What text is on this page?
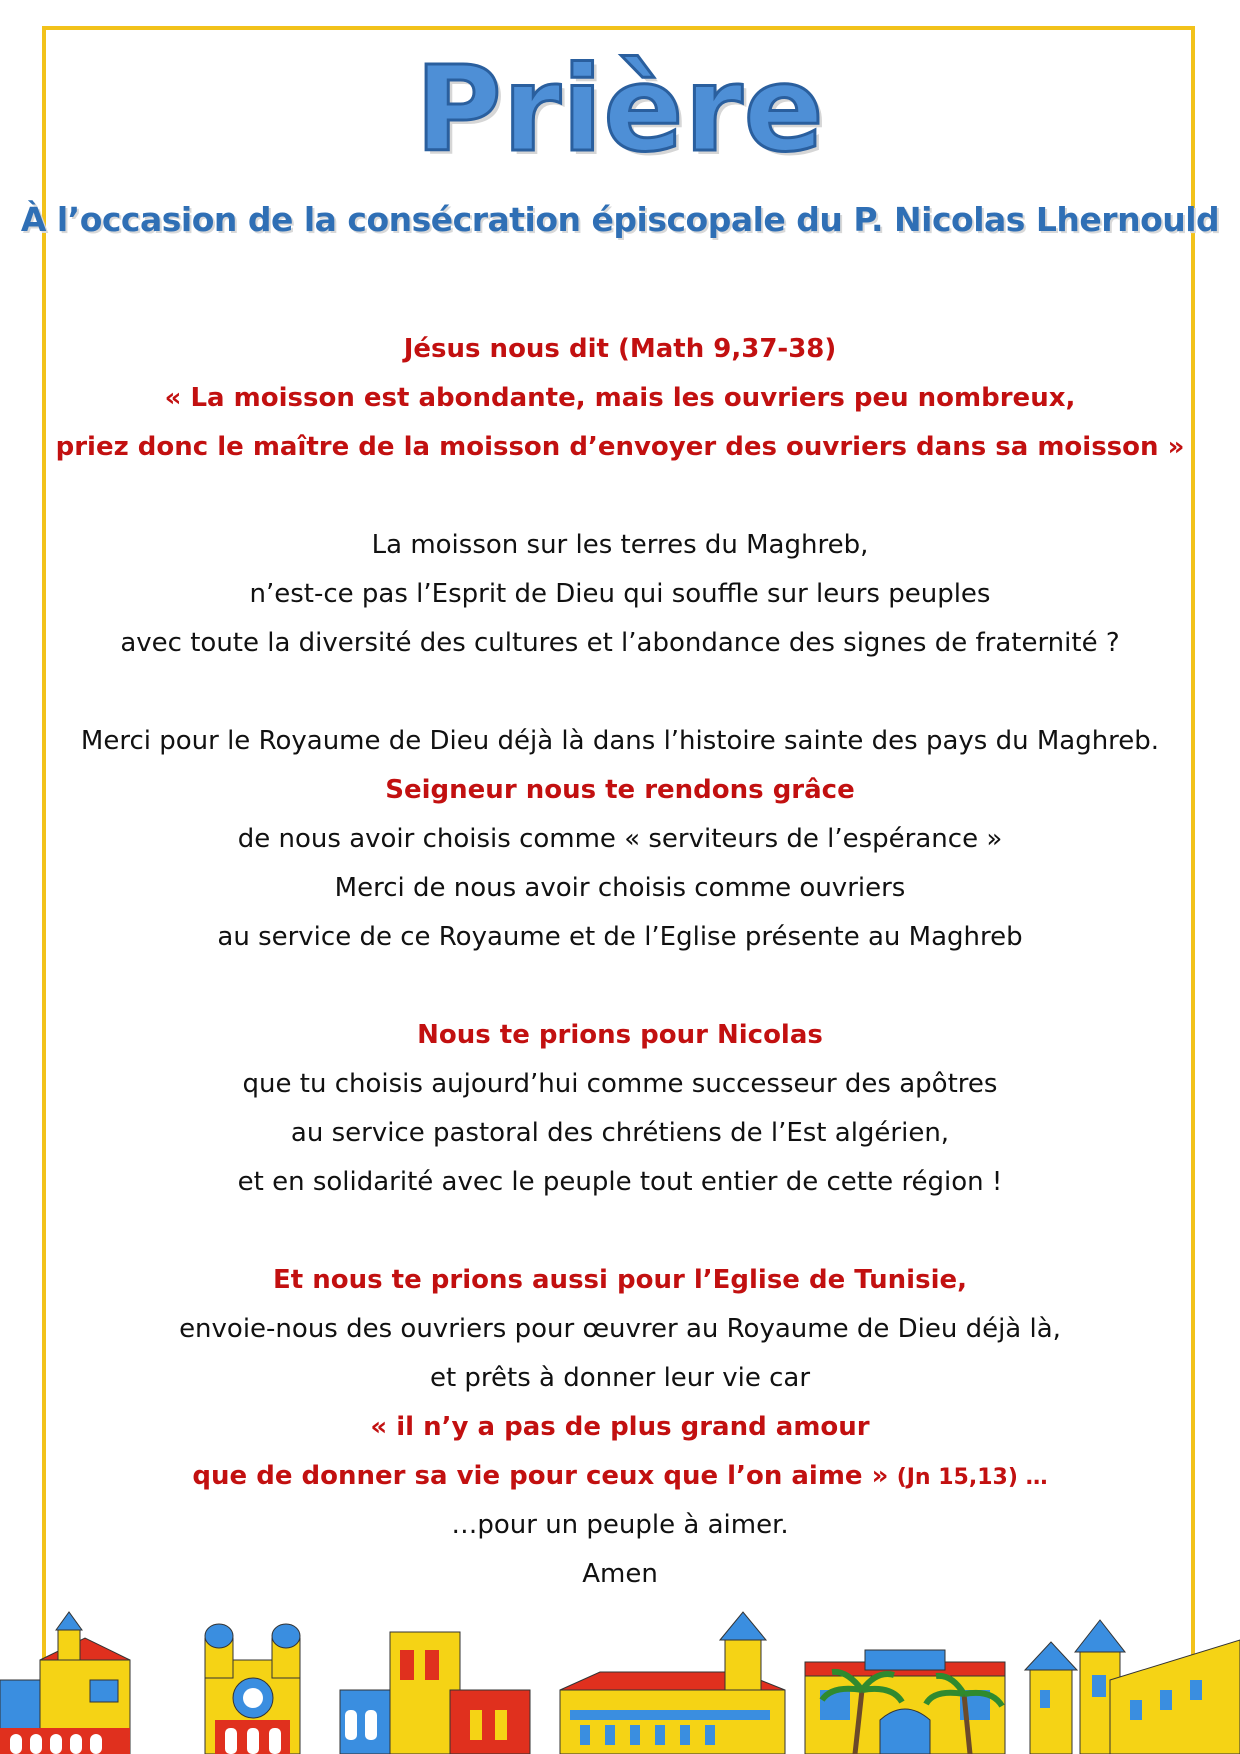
Prière
À l’occasion de la consécration épiscopale du P. Nicolas Lhernould
Jésus nous dit (Math 9,37-38)
« La moisson est abondante, mais les ouvriers peu nombreux,
priez donc le maître de la moisson d’envoyer des ouvriers dans sa moisson »
La moisson sur les terres du Maghreb,
n’est-ce pas l’Esprit de Dieu qui souffle sur leurs peuples
avec toute la diversité des cultures et l’abondance des signes de fraternité ?
Merci pour le Royaume de Dieu déjà là dans l’histoire sainte des pays du Maghreb.
Seigneur nous te rendons grâce
de nous avoir choisis comme « serviteurs de l’espérance »
Merci de nous avoir choisis comme ouvriers
au service de ce Royaume et de l’Eglise présente au Maghreb
Nous te prions pour Nicolas
que tu choisis aujourd’hui comme successeur des apôtres
au service pastoral des chrétiens de l’Est algérien,
et en solidarité avec le peuple tout entier de cette région !
Et nous te prions aussi pour l’Eglise de Tunisie,
envoie-nous des ouvriers pour œuvrer au Royaume de Dieu déjà là,
et prêts à donner leur vie car
« il n’y a pas de plus grand amour
que de donner sa vie pour ceux que l’on aime » (Jn 15,13) …
…pour un peuple à aimer.
Amen
